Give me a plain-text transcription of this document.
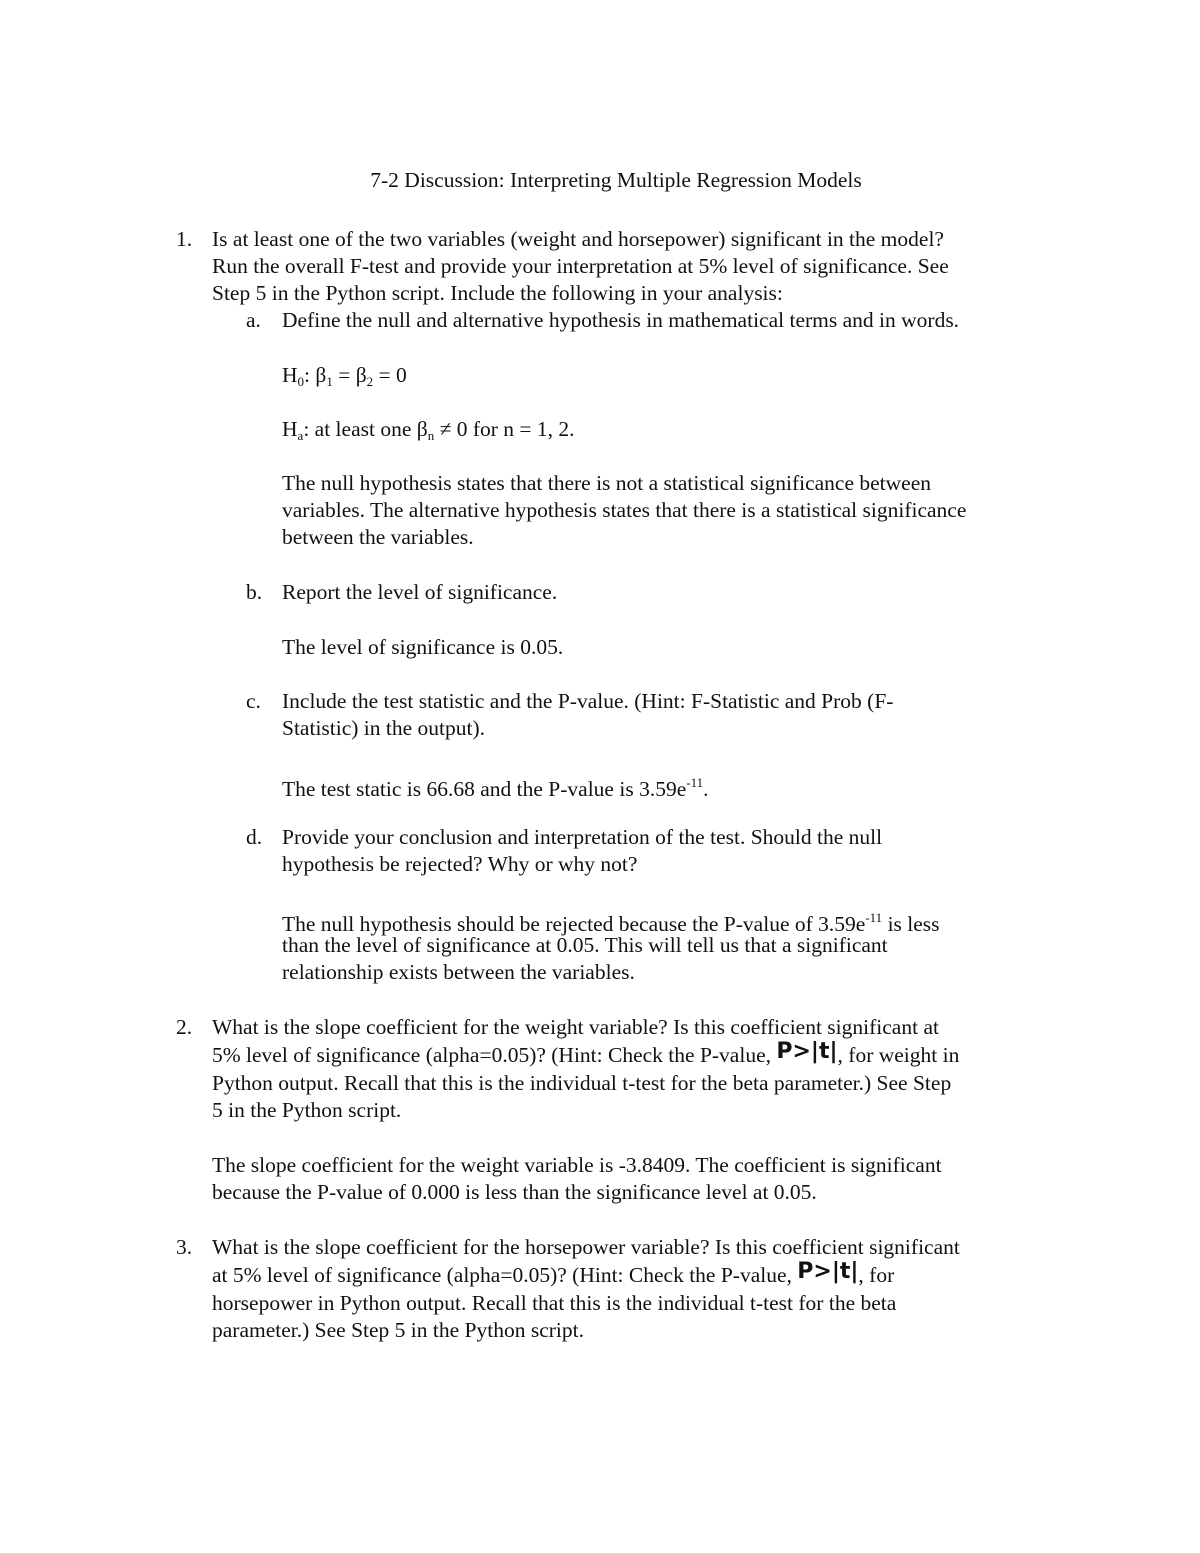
7-2 Discussion: Interpreting Multiple Regression Models
1. Is at least one of the two variables (weight and horsepower) significant in the model?
Run the overall F-test and provide your interpretation at 5% level of significance. See
Step 5 in the Python script. Include the following in your analysis:
a. Define the null and alternative hypothesis in mathematical terms and in words.
$H_0$: $\beta_1 = \beta_2 = 0$
$H_a$: at least one $\beta_n \ne 0$ for n = 1, 2.
The null hypothesis states that there is not a statistical significance between
variables. The alternative hypothesis states that there is a statistical significance
between the variables.
b. Report the level of significance.
The level of significance is 0.05.
c. Include the test statistic and the P-value. (Hint: F-Statistic and Prob (F-
Statistic) in the output).
The test static is 66.68 and the P-value is $3.59e^{-11}$.
d. Provide your conclusion and interpretation of the test. Should the null
hypothesis be rejected? Why or why not?
The null hypothesis should be rejected because the P-value of $3.59e^{-11}$ is less
than the level of significance at 0.05. This will tell us that a significant
relationship exists between the variables.
2. What is the slope coefficient for the weight variable? Is this coefficient significant at
5% level of significance (alpha=0.05)? (Hint: Check the P-value, P>|t|, for weight in
Python output. Recall that this is the individual t-test for the beta parameter.) See Step
5 in the Python script.
The slope coefficient for the weight variable is -3.8409. The coefficient is significant
because the P-value of 0.000 is less than the significance level at 0.05.
3. What is the slope coefficient for the horsepower variable? Is this coefficient significant
at 5% level of significance (alpha=0.05)? (Hint: Check the P-value, P>|t|, for
horsepower in Python output. Recall that this is the individual t-test for the beta
parameter.) See Step 5 in the Python script.
